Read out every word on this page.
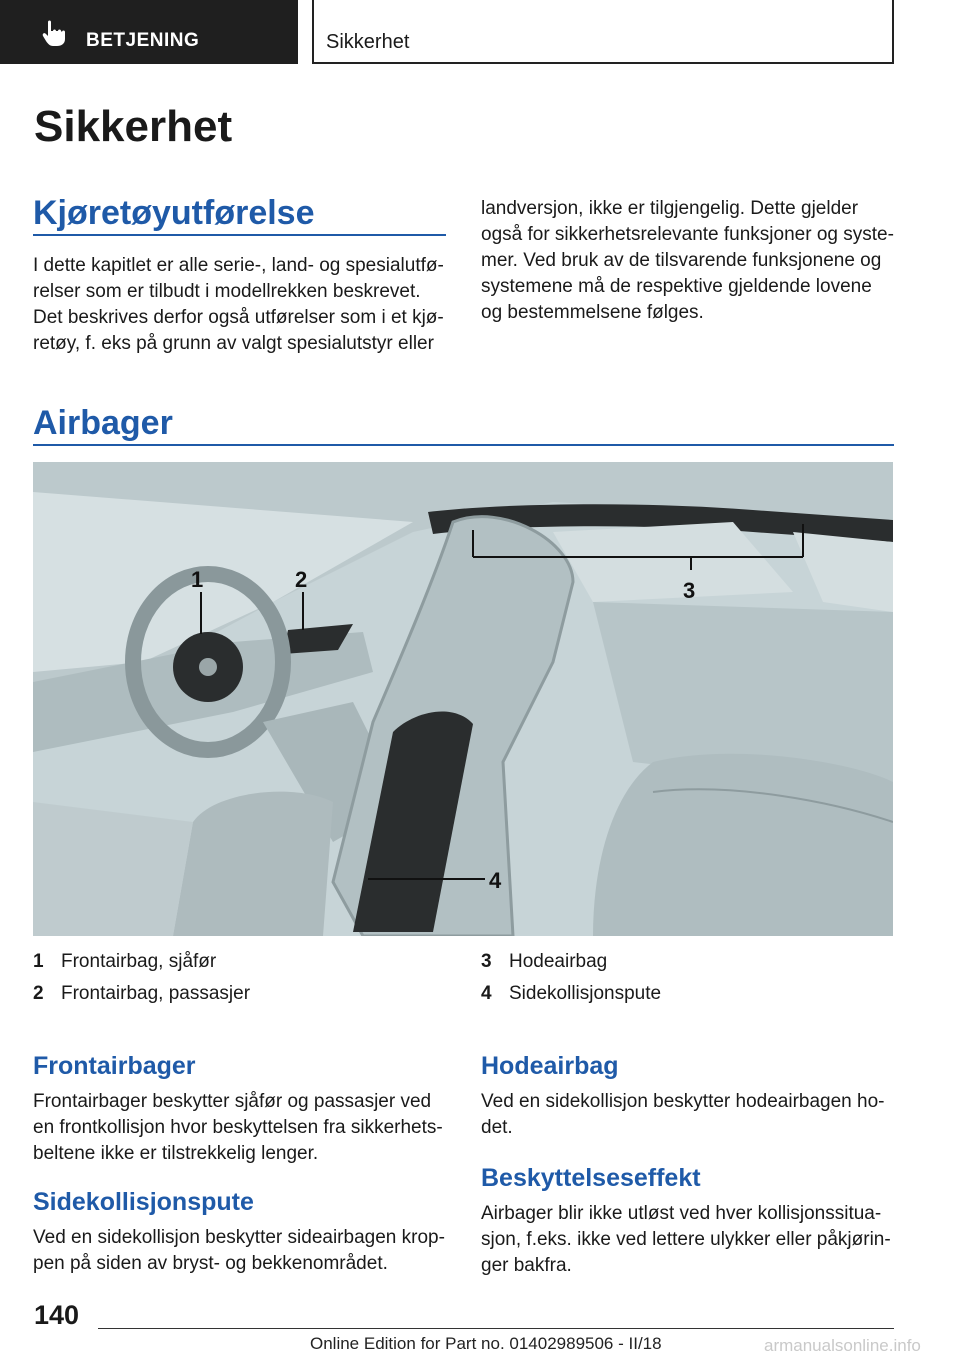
BETJENING	Sikkerhet
Sikkerhet
Kjøretøyutførelse
I dette kapitlet er alle serie-, land- og spesialutfø-
relser som er tilbudt i modellrekken beskrevet.
Det beskrives derfor også utførelser som i et kjø-
retøy, f. eks på grunn av valgt spesialutstyr eller
landversjon, ikke er tilgjengelig. Dette gjelder
også for sikkerhetsrelevante funksjoner og syste-
mer. Ved bruk av de tilsvarende funksjonene og
systemene må de respektive gjeldende lovene
og bestemmelsene følges.
Airbager
1	2	3
4
1 Frontairbag, sjåfør
2 Frontairbag, passasjer
3 Hodeairbag
4 Sidekollisjonspute
Frontairbager
Frontairbager beskytter sjåfør og passasjer ved
en frontkollisjon hvor beskyttelsen fra sikkerhets-
beltene ikke er tilstrekkelig lenger.
Sidekollisjonspute
Ved en sidekollisjon beskytter sideairbagen krop-
pen på siden av bryst- og bekkenområdet.
Hodeairbag
Ved en sidekollisjon beskytter hodeairbagen ho-
det.
Beskyttelseseffekt
Airbager blir ikke utløst ved hver kollisjonssitua-
sjon, f.eks. ikke ved lettere ulykker eller påkjørin-
ger bakfra.
140
Online Edition for Part no. 01402989506 - II/18	armanualsonline.info
